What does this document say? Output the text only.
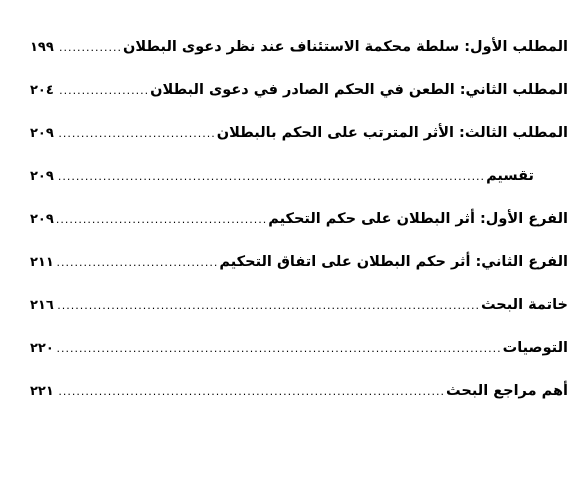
المطلب الأول: سلطة محكمة الاستئناف عند نظر دعوى البطلان
.....
١٩٩
المطلب الثاني: الطعن في الحكم الصادر في دعوى البطلان
.....
٢٠٤
المطلب الثالث: الأثر المترتب على الحكم بالبطلان
.....
٢٠٩
تقسيم
.....
٢٠٩
الفرع الأول: أثر البطلان على حكم التحكيم
.....
٢٠٩
الفرع الثاني: أثر حكم البطلان على اتفاق التحكيم
.....
٢١١
خاتمة البحث
.....
٢١٦
التوصيات
.....
٢٢٠
أهم مراجع البحث
.....
٢٢١
